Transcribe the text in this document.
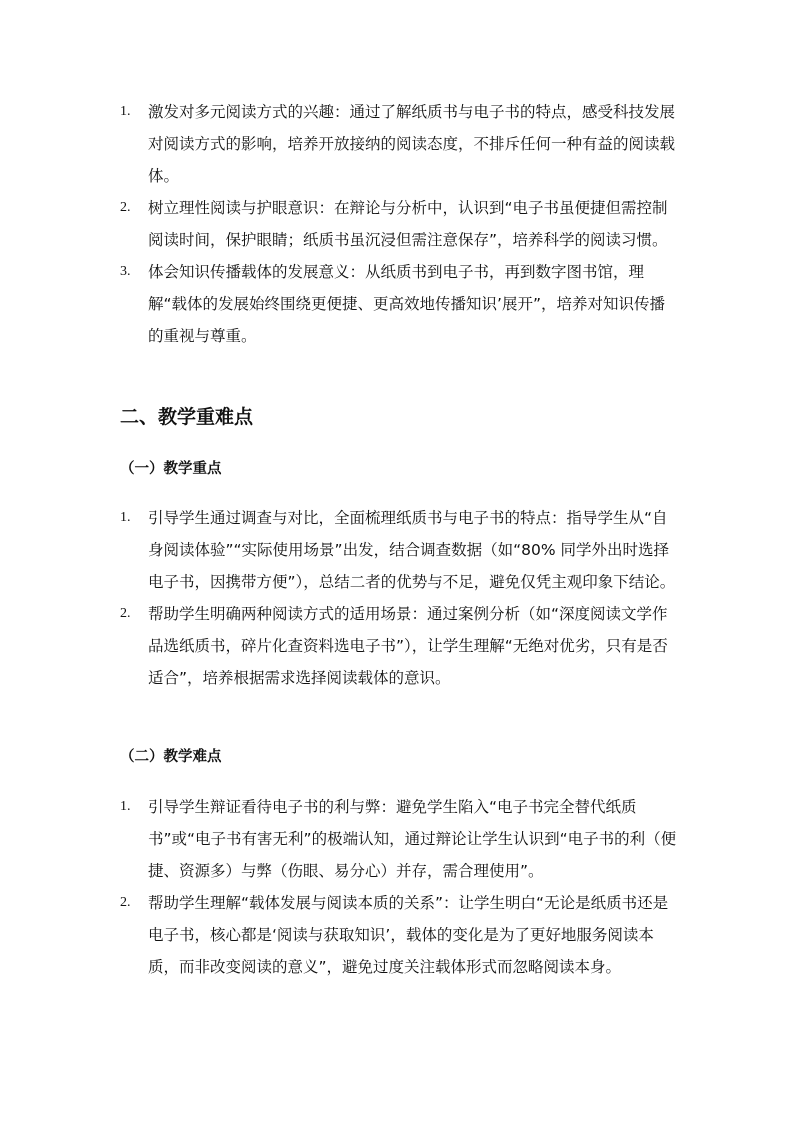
1. 激发对多元阅读方式的兴趣：通过了解纸质书与电子书的特点，感受科技发展对阅读方式的影响，培养开放接纳的阅读态度，不排斥任何一种有益的阅读载体。
2. 树立理性阅读与护眼意识：在辩论与分析中，认识到“电子书虽便捷但需控制阅读时间，保护眼睛；纸质书虽沉浸但需注意保存”，培养科学的阅读习惯。
3. 体会知识传播载体的发展意义：从纸质书到电子书，再到数字图书馆，理解“载体的发展始终围绕更便捷、更高效地传播知识’展开”，培养对知识传播的重视与尊重。
二、教学重难点
（一）教学重点
1. 引导学生通过调查与对比，全面梳理纸质书与电子书的特点：指导学生从“自身阅读体验”“实际使用场景”出发，结合调查数据（如“80% 同学外出时选择电子书，因携带方便”），总结二者的优势与不足，避免仅凭主观印象下结论。
2. 帮助学生明确两种阅读方式的适用场景：通过案例分析（如“深度阅读文学作品选纸质书，碎片化查资料选电子书”），让学生理解“无绝对优劣，只有是否适合”，培养根据需求选择阅读载体的意识。
（二）教学难点
1. 引导学生辩证看待电子书的利与弊：避免学生陷入“电子书完全替代纸质书”或“电子书有害无利”的极端认知，通过辩论让学生认识到“电子书的利（便捷、资源多）与弊（伤眼、易分心）并存，需合理使用”。
2. 帮助学生理解“载体发展与阅读本质的关系”：让学生明白“无论是纸质书还是电子书，核心都是‘阅读与获取知识’，载体的变化是为了更好地服务阅读本质，而非改变阅读的意义”，避免过度关注载体形式而忽略阅读本身。
